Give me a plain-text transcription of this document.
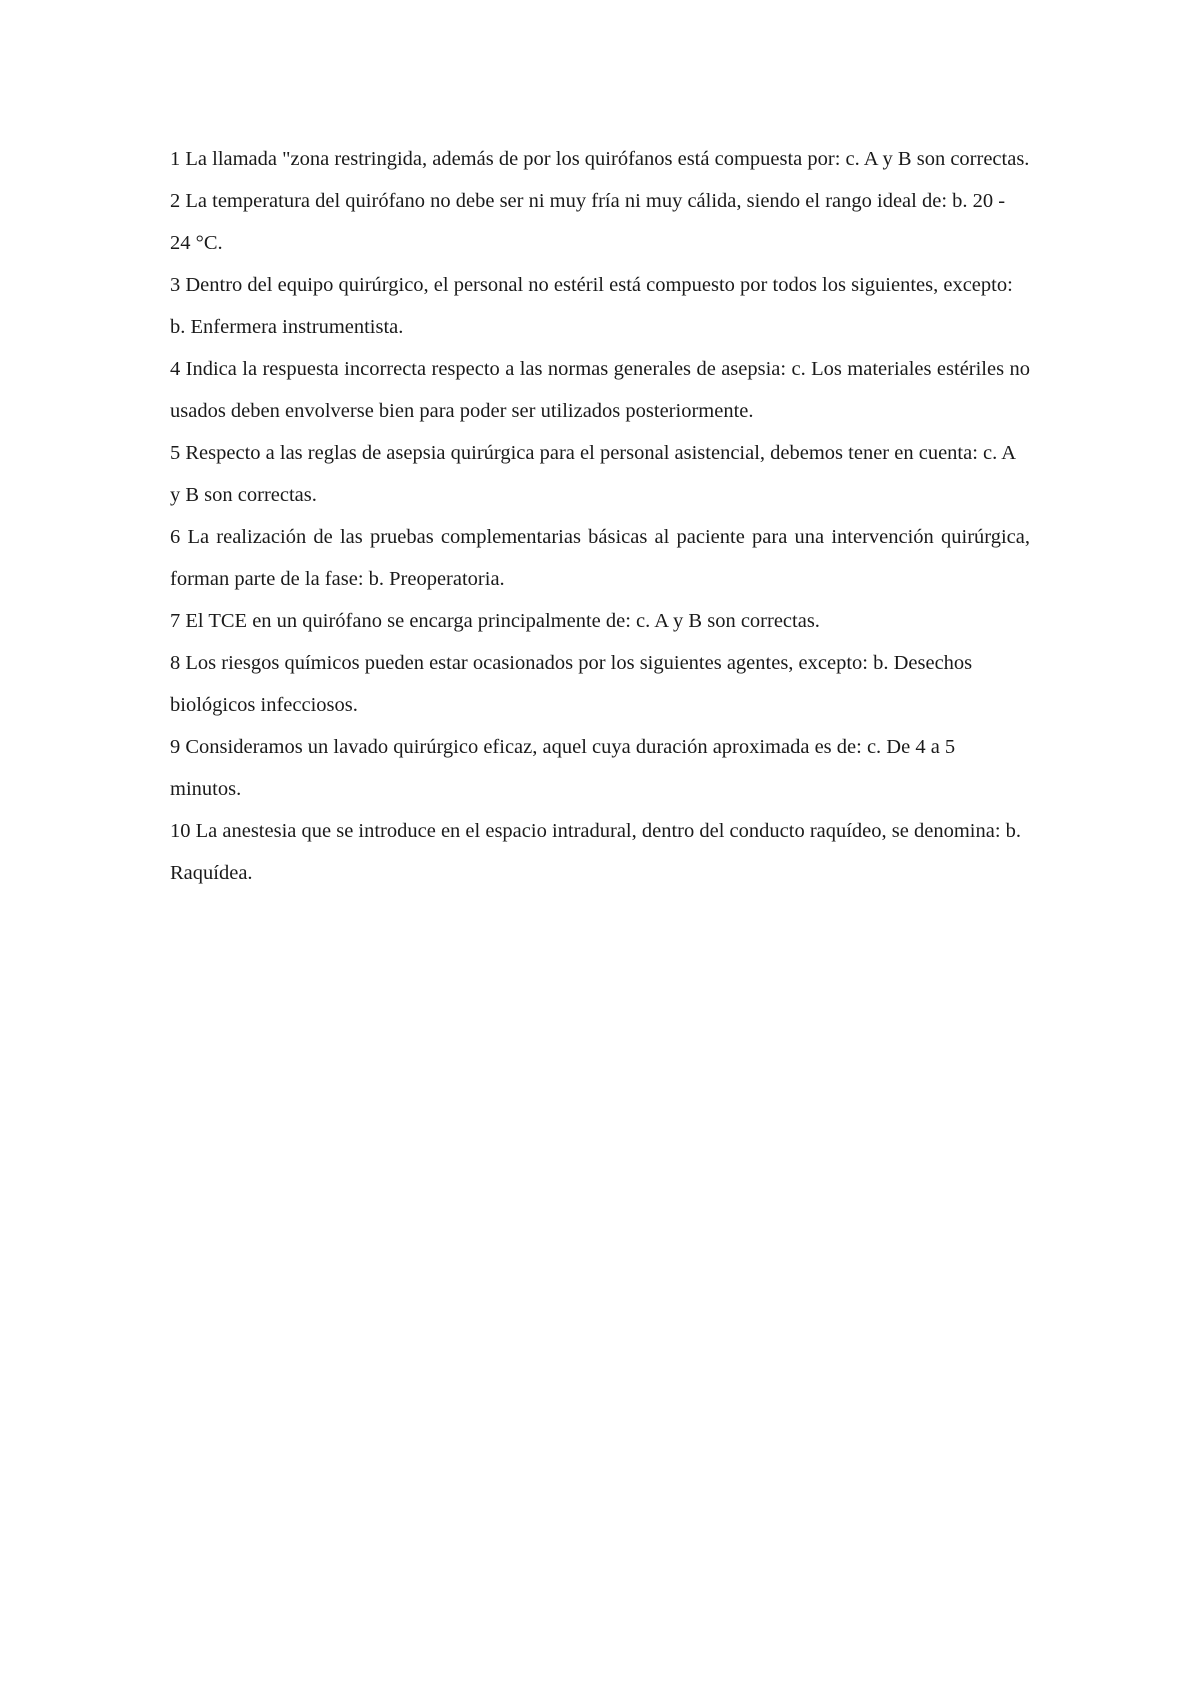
1 La llamada "zona restringida, además de por los quirófanos está compuesta por: c. A y B son correctas.

2 La temperatura del quirófano no debe ser ni muy fría ni muy cálida, siendo el rango ideal de: b. 20 - 24 °C.

3 Dentro del equipo quirúrgico, el personal no estéril está compuesto por todos los siguientes, excepto: b. Enfermera instrumentista.

4 Indica la respuesta incorrecta respecto a las normas generales de asepsia: c. Los materiales estériles no usados deben envolverse bien para poder ser utilizados posteriormente.

5 Respecto a las reglas de asepsia quirúrgica para el personal asistencial, debemos tener en cuenta: c. A y B son correctas.

6 La realización de las pruebas complementarias básicas al paciente para una intervención quirúrgica, forman parte de la fase: b. Preoperatoria.

7 El TCE en un quirófano se encarga principalmente de: c. A y B son correctas.

8 Los riesgos químicos pueden estar ocasionados por los siguientes agentes, excepto: b. Desechos biológicos infecciosos.

9 Consideramos un lavado quirúrgico eficaz, aquel cuya duración aproximada es de: c. De 4 a 5 minutos.

10 La anestesia que se introduce en el espacio intradural, dentro del conducto raquídeo, se denomina: b. Raquídea.
